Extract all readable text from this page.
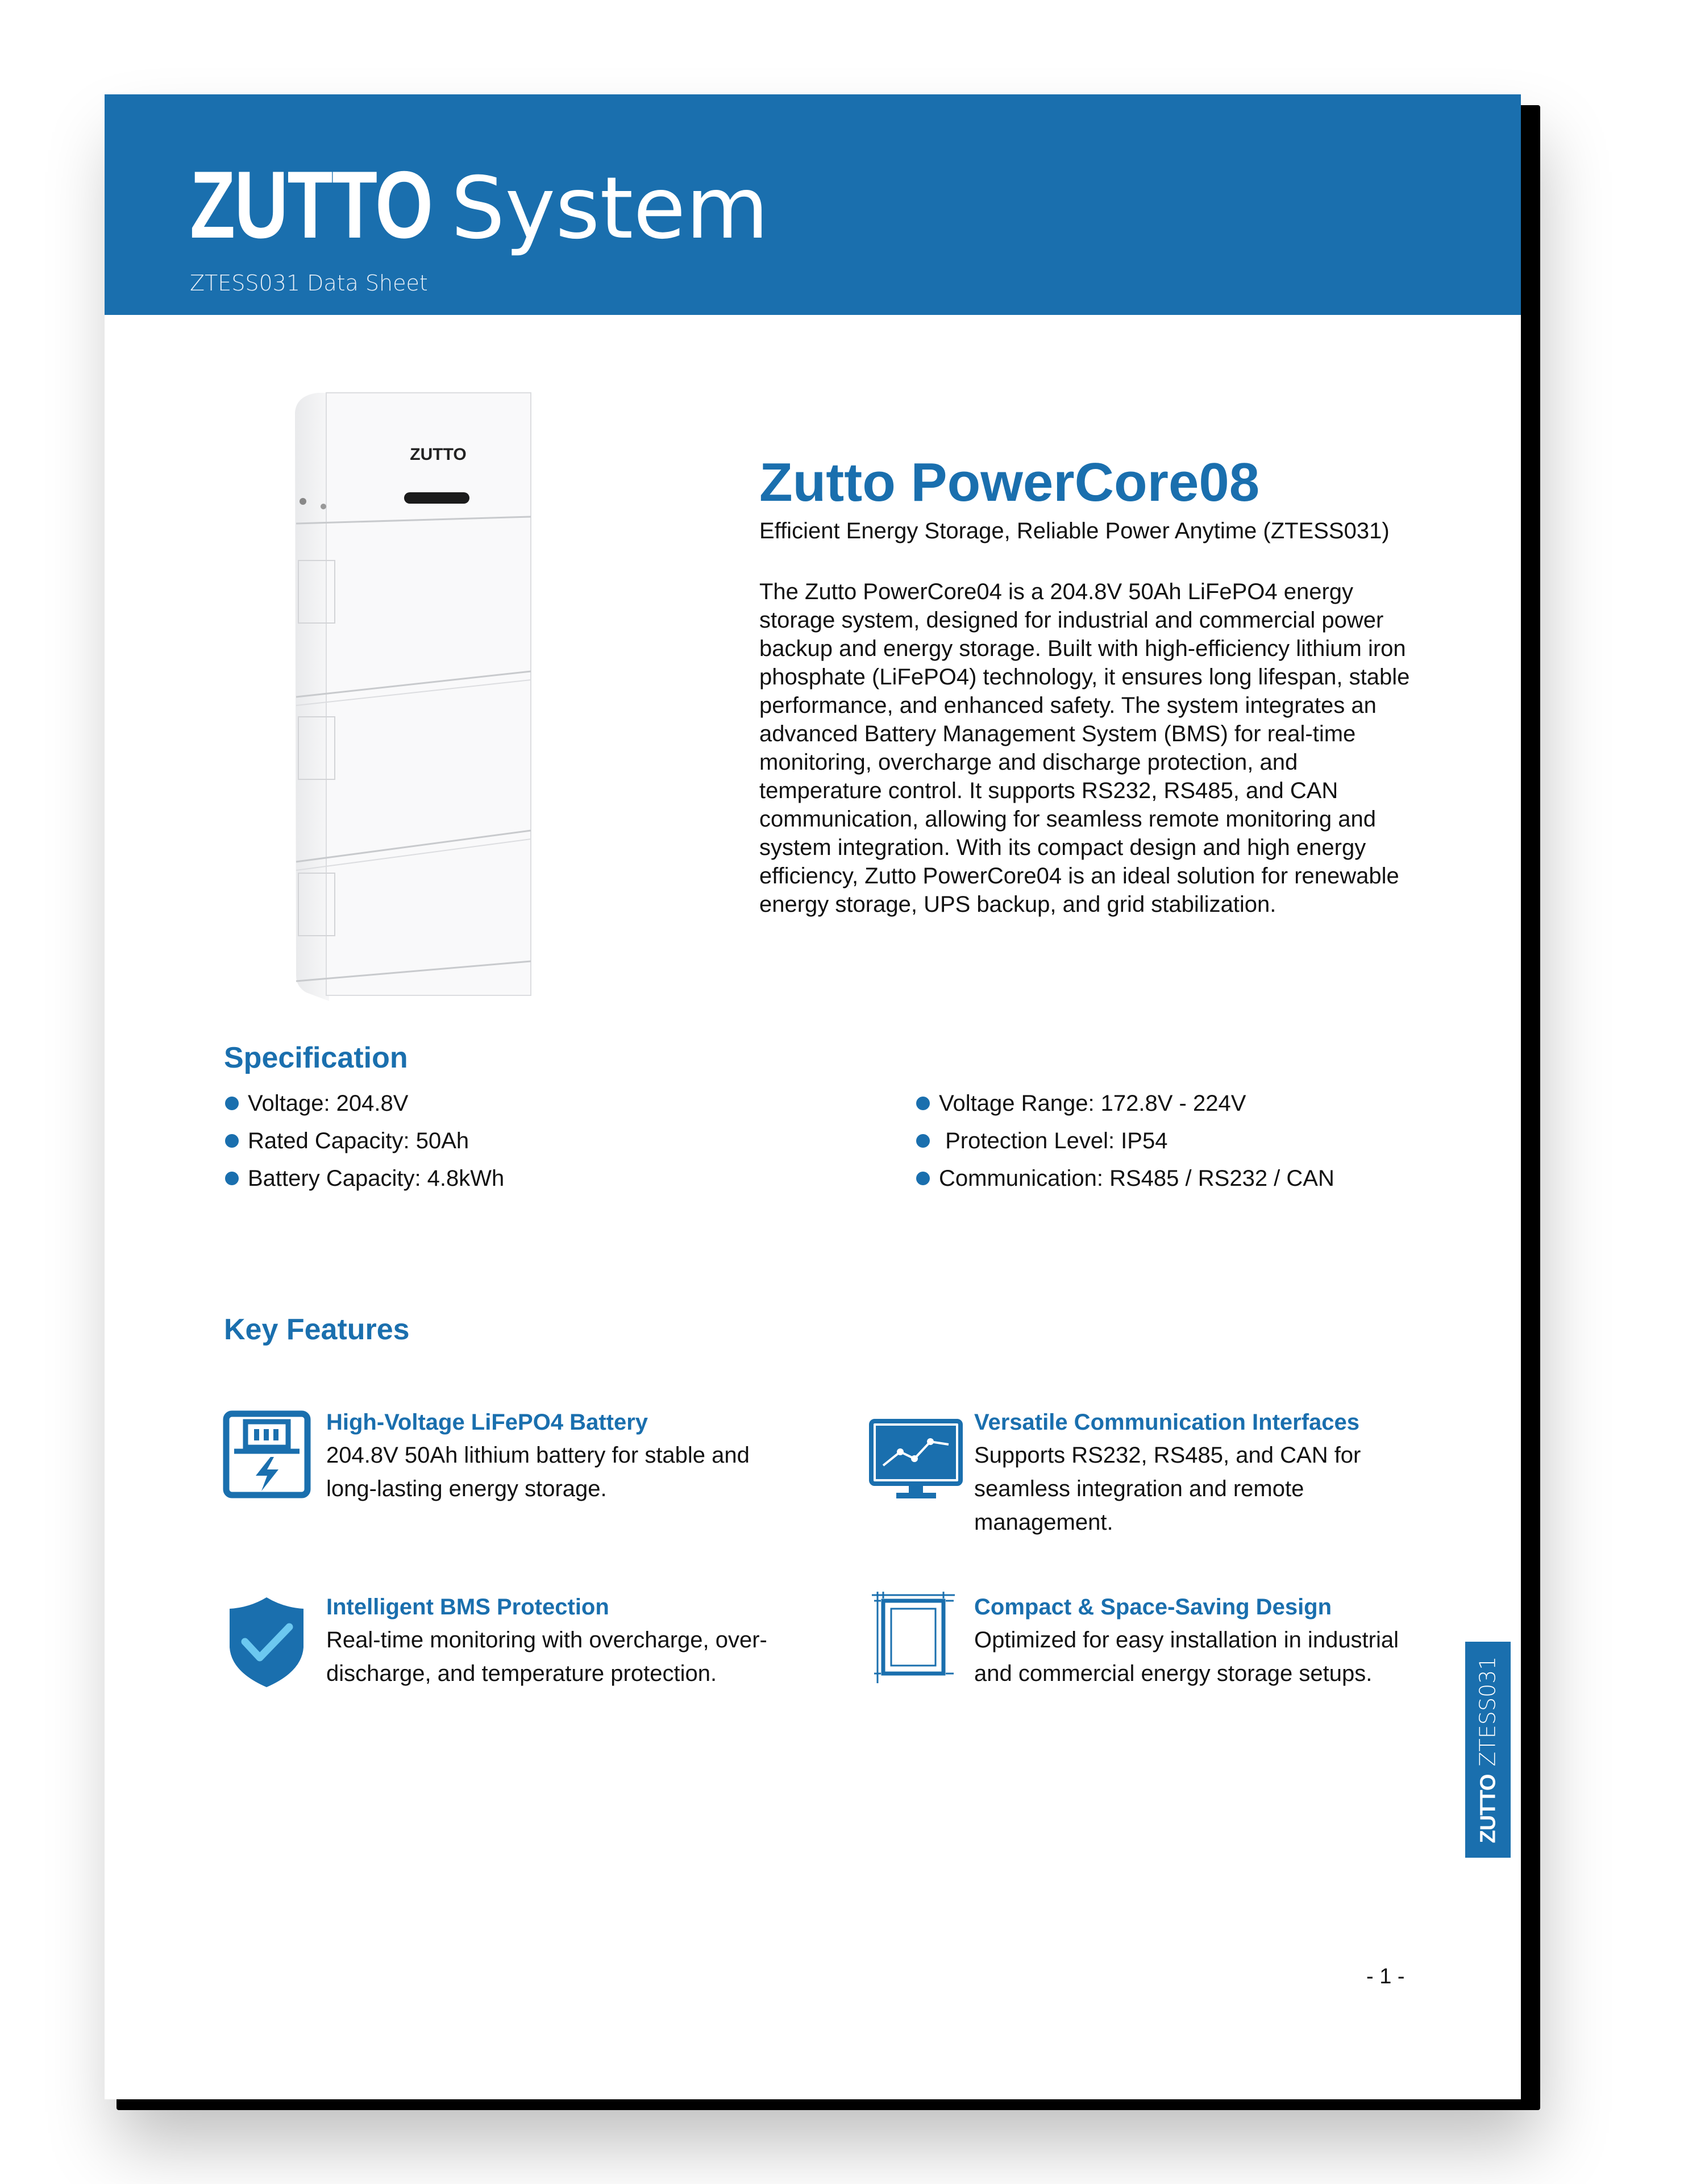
ZUTTO System
ZTESS031 Data Sheet
ZUTTO	Zutto PowerCore08
Efficient Energy Storage, Reliable Power Anytime (ZTESS031)
The Zutto PowerCore04 is a 204.8V 50Ah LiFePO4 energy storage system, designed for industrial and commercial power backup and energy storage. Built with high-efficiency lithium iron phosphate (LiFePO4) technology, it ensures long lifespan, stable performance, and enhanced safety. The system integrates an advanced Battery Management System (BMS) for real-time monitoring, overcharge and discharge protection, and temperature control. It supports RS232, RS485, and CAN communication, allowing for seamless remote monitoring and system integration. With its compact design and high energy efficiency, Zutto PowerCore04 is an ideal solution for renewable energy storage, UPS backup, and grid stabilization.
Specification
Voltage: 204.8V
Rated Capacity: 50Ah
Battery Capacity: 4.8kWh
Voltage Range: 172.8V - 224V
Protection Level: IP54
Communication: RS485 / RS232 / CAN
Key Features
High-Voltage LiFePO4 Battery
204.8V 50Ah lithium battery for stable and long-lasting energy storage.
Versatile Communication Interfaces
Supports RS232, RS485, and CAN for seamless integration and remote management.
Intelligent BMS Protection
Real-time monitoring with overcharge, over-discharge, and temperature protection.
Compact & Space-Saving Design
Optimized for easy installation in industrial and commercial energy storage setups.
ZUTTOZTESS031
- 1 -
